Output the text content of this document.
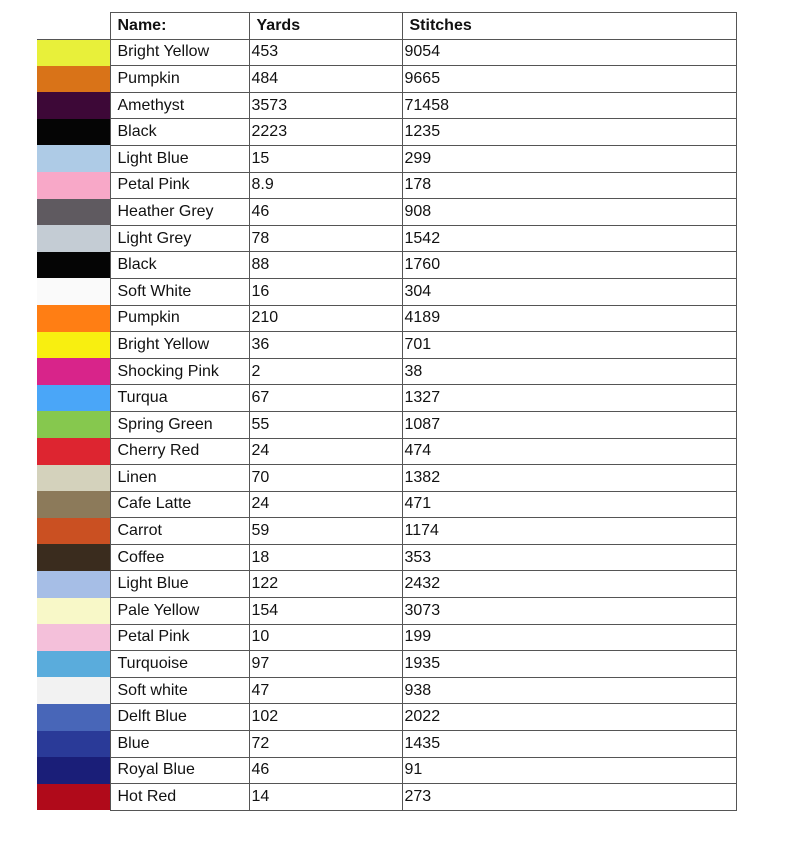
	Name:	Yards	Stitches

	Bright Yellow	453	9054

	Pumpkin	484	9665

	Amethyst	3573	71458

	Black	2223	1235

	Light Blue	15	299

	Petal Pink	8.9	178

	Heather Grey	46	908

	Light Grey	78	1542

	Black	88	1760

	Soft White	16	304

	Pumpkin	210	4189

	Bright Yellow	36	701

	Shocking Pink	2	38

	Turqua	67	1327

	Spring Green	55	1087

	Cherry Red	24	474

	Linen	70	1382

	Cafe Latte	24	471

	Carrot	59	1174

	Coffee	18	353

	Light Blue	122	2432

	Pale Yellow	154	3073

	Petal Pink	10	199

	Turquoise	97	1935

	Soft white	47	938

	Delft Blue	102	2022

	Blue	72	1435

	Royal Blue	46	91

	Hot Red	14	273
